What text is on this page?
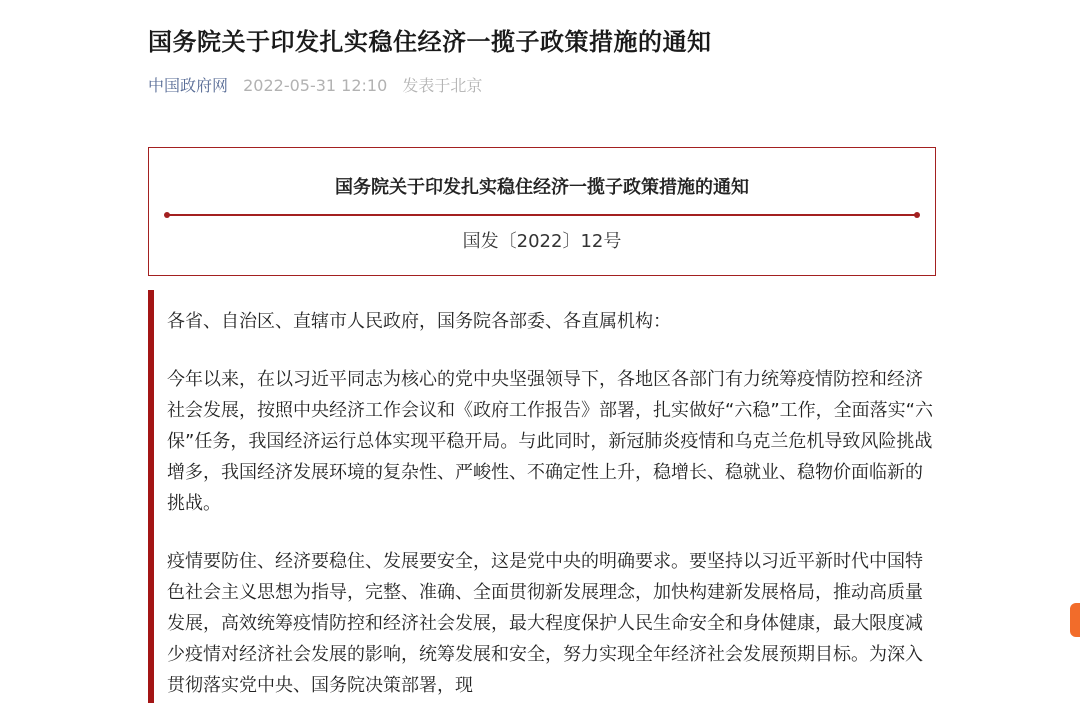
国务院关于印发扎实稳住经济一揽子政策措施的通知
中国政府网 2022-05-31 12:10 发表于北京
国务院关于印发扎实稳住经济一揽子政策措施的通知
国发〔2022〕12号

各省、自治区、直辖市人民政府，国务院各部委、各直属机构：

今年以来，在以习近平同志为核心的党中央坚强领导下，各地区各部门有力统筹疫情防控和经济社会发展，按照中央经济工作会议和《政府工作报告》部署，扎实做好“六稳”工作，全面落实“六保”任务，我国经济运行总体实现平稳开局。与此同时，新冠肺炎疫情和乌克兰危机导致风险挑战增多，我国经济发展环境的复杂性、严峻性、不确定性上升，稳增长、稳就业、稳物价面临新的挑战。

疫情要防住、经济要稳住、发展要安全，这是党中央的明确要求。要坚持以习近平新时代中国特色社会主义思想为指导，完整、准确、全面贯彻新发展理念，加快构建新发展格局，推动高质量发展，高效统筹疫情防控和经济社会发展，最大程度保护人民生命安全和身体健康，最大限度减少疫情对经济社会发展的影响，统筹发展和安全，努力实现全年经济社会发展预期目标。为深入贯彻落实党中央、国务院决策部署，现
